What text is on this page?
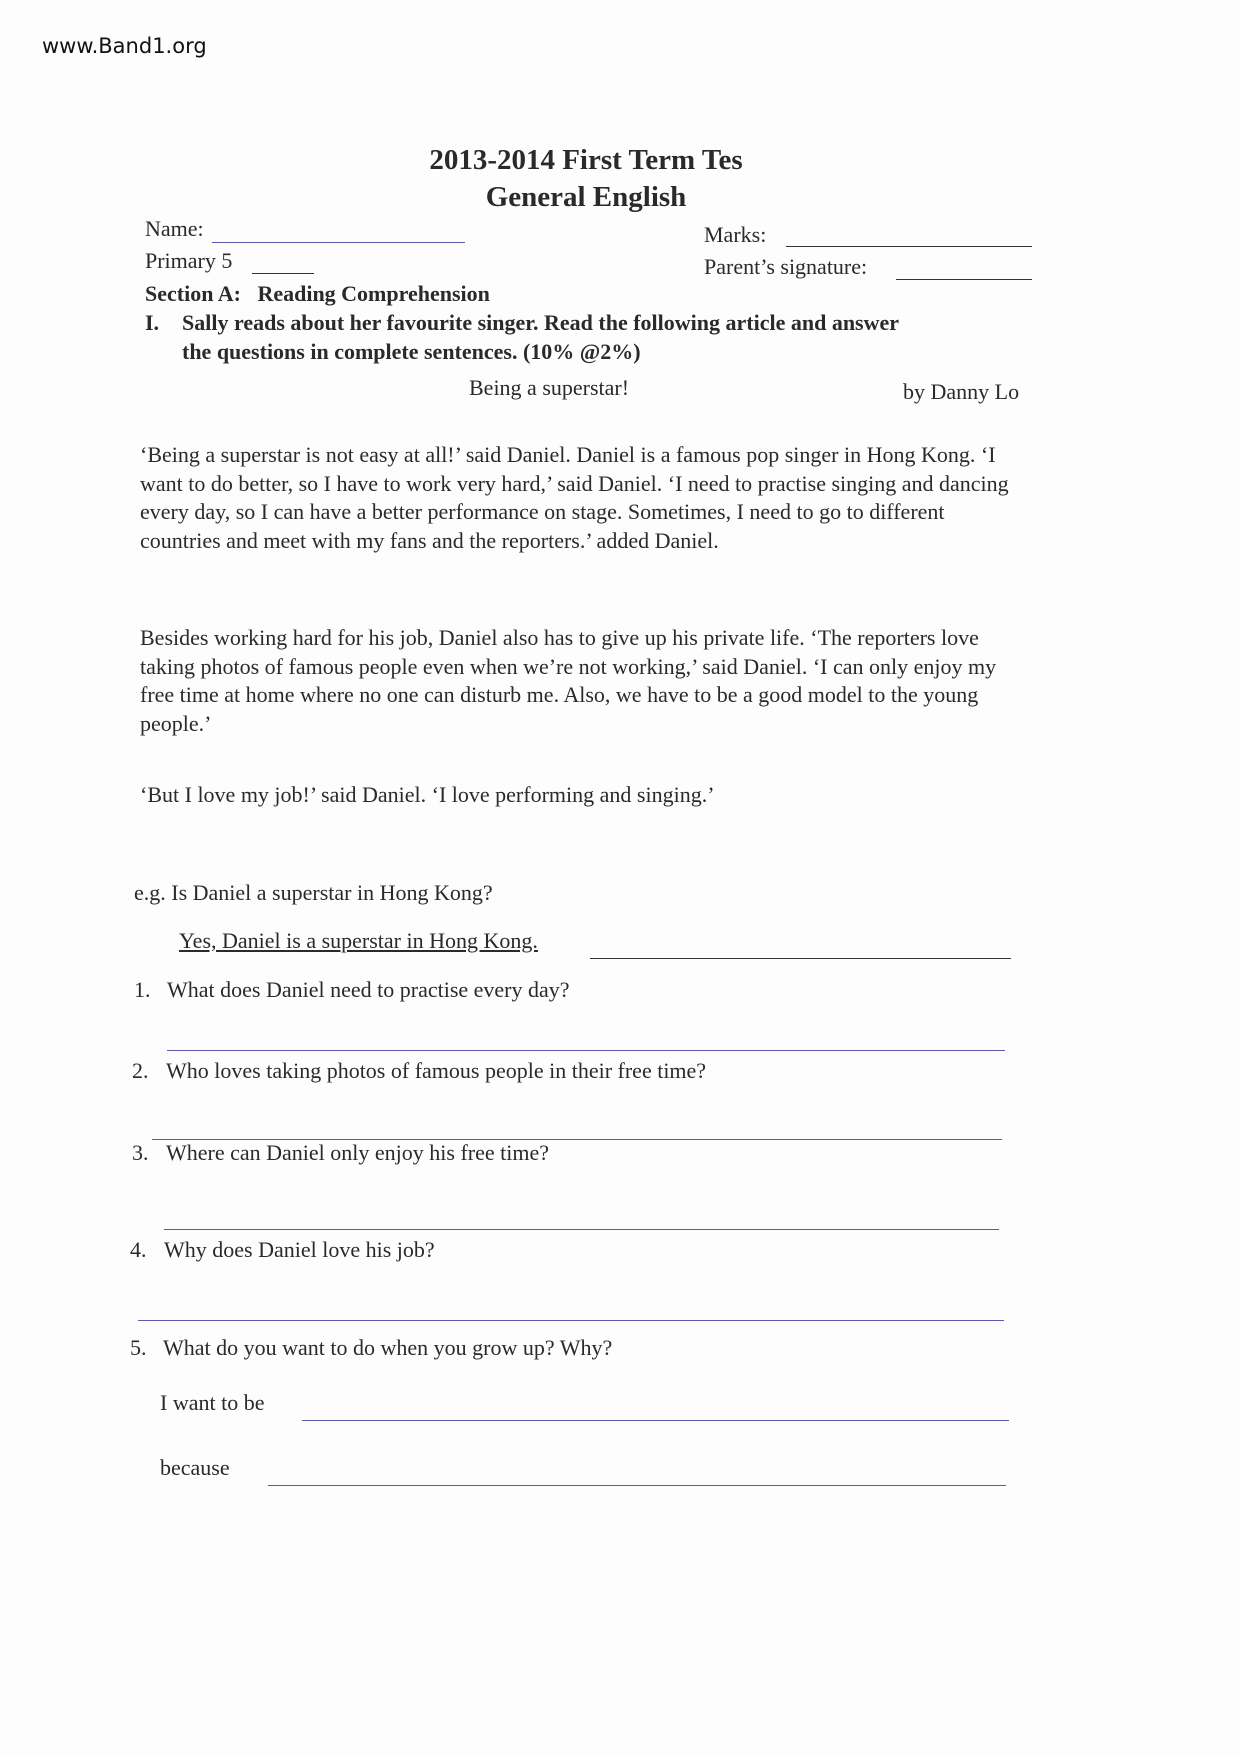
www.Band1.org
2013-2014 First Term Tes
General English
Name:	Marks:
Primary 5	Parent’s signature:
Section A:   Reading Comprehension
I. Sally reads about her favourite singer. Read the following article and answer
the questions in complete sentences. (10% @2%)
Being a superstar!	by Danny Lo
‘Being a superstar is not easy at all!’ said Daniel. Daniel is a famous pop singer in Hong Kong. ‘I want to do better, so I have to work very hard,’ said Daniel. ‘I need to practise singing and dancing every day, so I can have a better performance on stage. Sometimes, I need to go to different countries and meet with my fans and the reporters.’ added Daniel.
Besides working hard for his job, Daniel also has to give up his private life. ‘The reporters love taking photos of famous people even when we’re not working,’ said Daniel. ‘I can only enjoy my free time at home where no one can disturb me. Also, we have to be a good model to the young people.’
‘But I love my job!’ said Daniel. ‘I love performing and singing.’
e.g. Is Daniel a superstar in Hong Kong?
Yes, Daniel is a superstar in Hong Kong.
1. What does Daniel need to practise every day?
2. Who loves taking photos of famous people in their free time?
3. Where can Daniel only enjoy his free time?
4. Why does Daniel love his job?
5. What do you want to do when you grow up? Why?
I want to be
because
